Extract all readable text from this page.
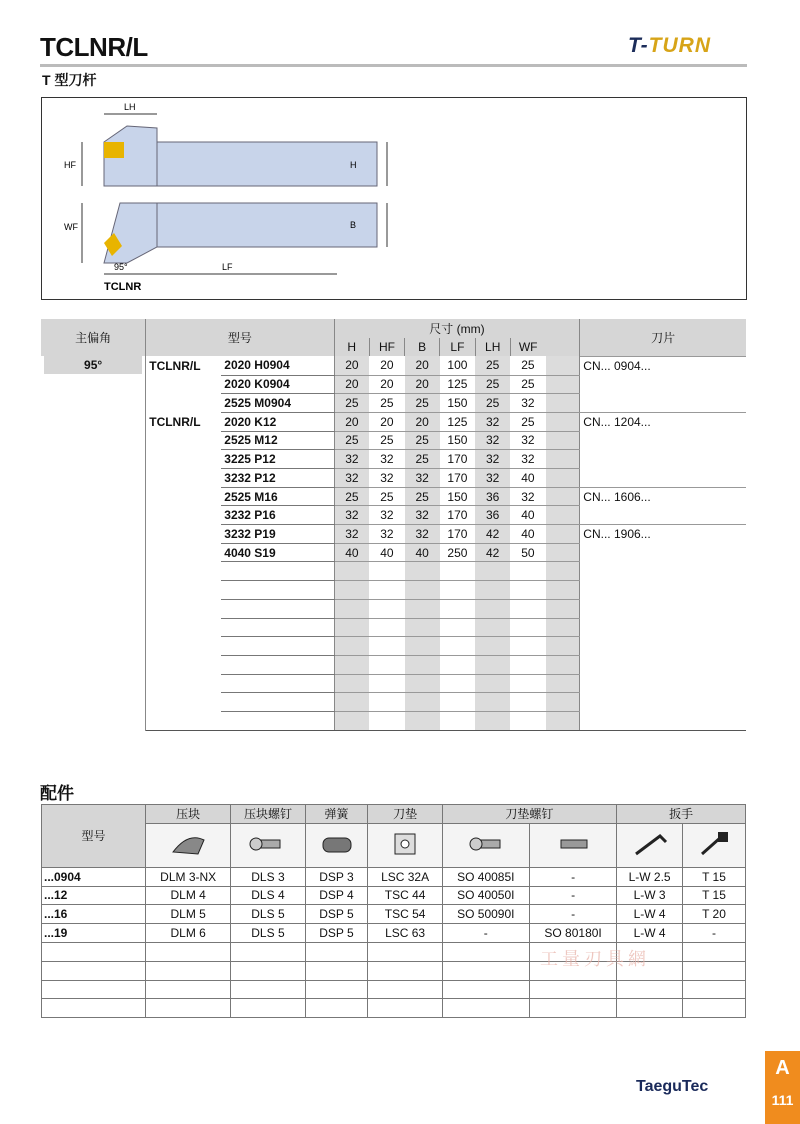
TCLNR/L
T 型刀杆
T-TURN
LH
HF	H
WF	B
95°	LF
TCLNR
主偏角	型号		尺寸 (mm)							刀片
			H	HF	B	LF	LH	WF		

95°	TCLNR/L	2020 H0904	20	20	20	100	25	25		CN... 0904...
		2020 K0904	20	20	20	125	25	25		
		2525 M0904	25	25	25	150	25	32		
	TCLNR/L	2020 K12	20	20	20	125	32	25		CN... 1204...
		2525 M12	25	25	25	150	32	32		
		3225 P12	32	32	25	170	32	32		
		3232 P12	32	32	32	170	32	40		
		2525 M16	25	25	25	150	36	32		CN... 1606...
		3232 P16	32	32	32	170	36	40		
		3232 P19	32	32	32	170	42	40		CN... 1906...
		4040 S19	40	40	40	250	42	50		

配件
型号	压块	压块螺钉	弹簧	刀垫	刀垫螺钉		扳手	

...0904	DLM 3-NX	DLS 3	DSP 3	LSC 32A	SO 40085I	-	L-W 2.5	T 15
...12	DLM 4	DLS 4	DSP 4	TSC 44	SO 40050I	-	L-W 3	T 15
...16	DLM 5	DLS 5	DSP 5	TSC 54	SO 50090I	-	L-W 4	T 20
...19	DLM 6	DLS 5	DSP 5	LSC 63	-	SO 80180I	L-W 4	-

工量刃具網
TaeguTec
A
111
